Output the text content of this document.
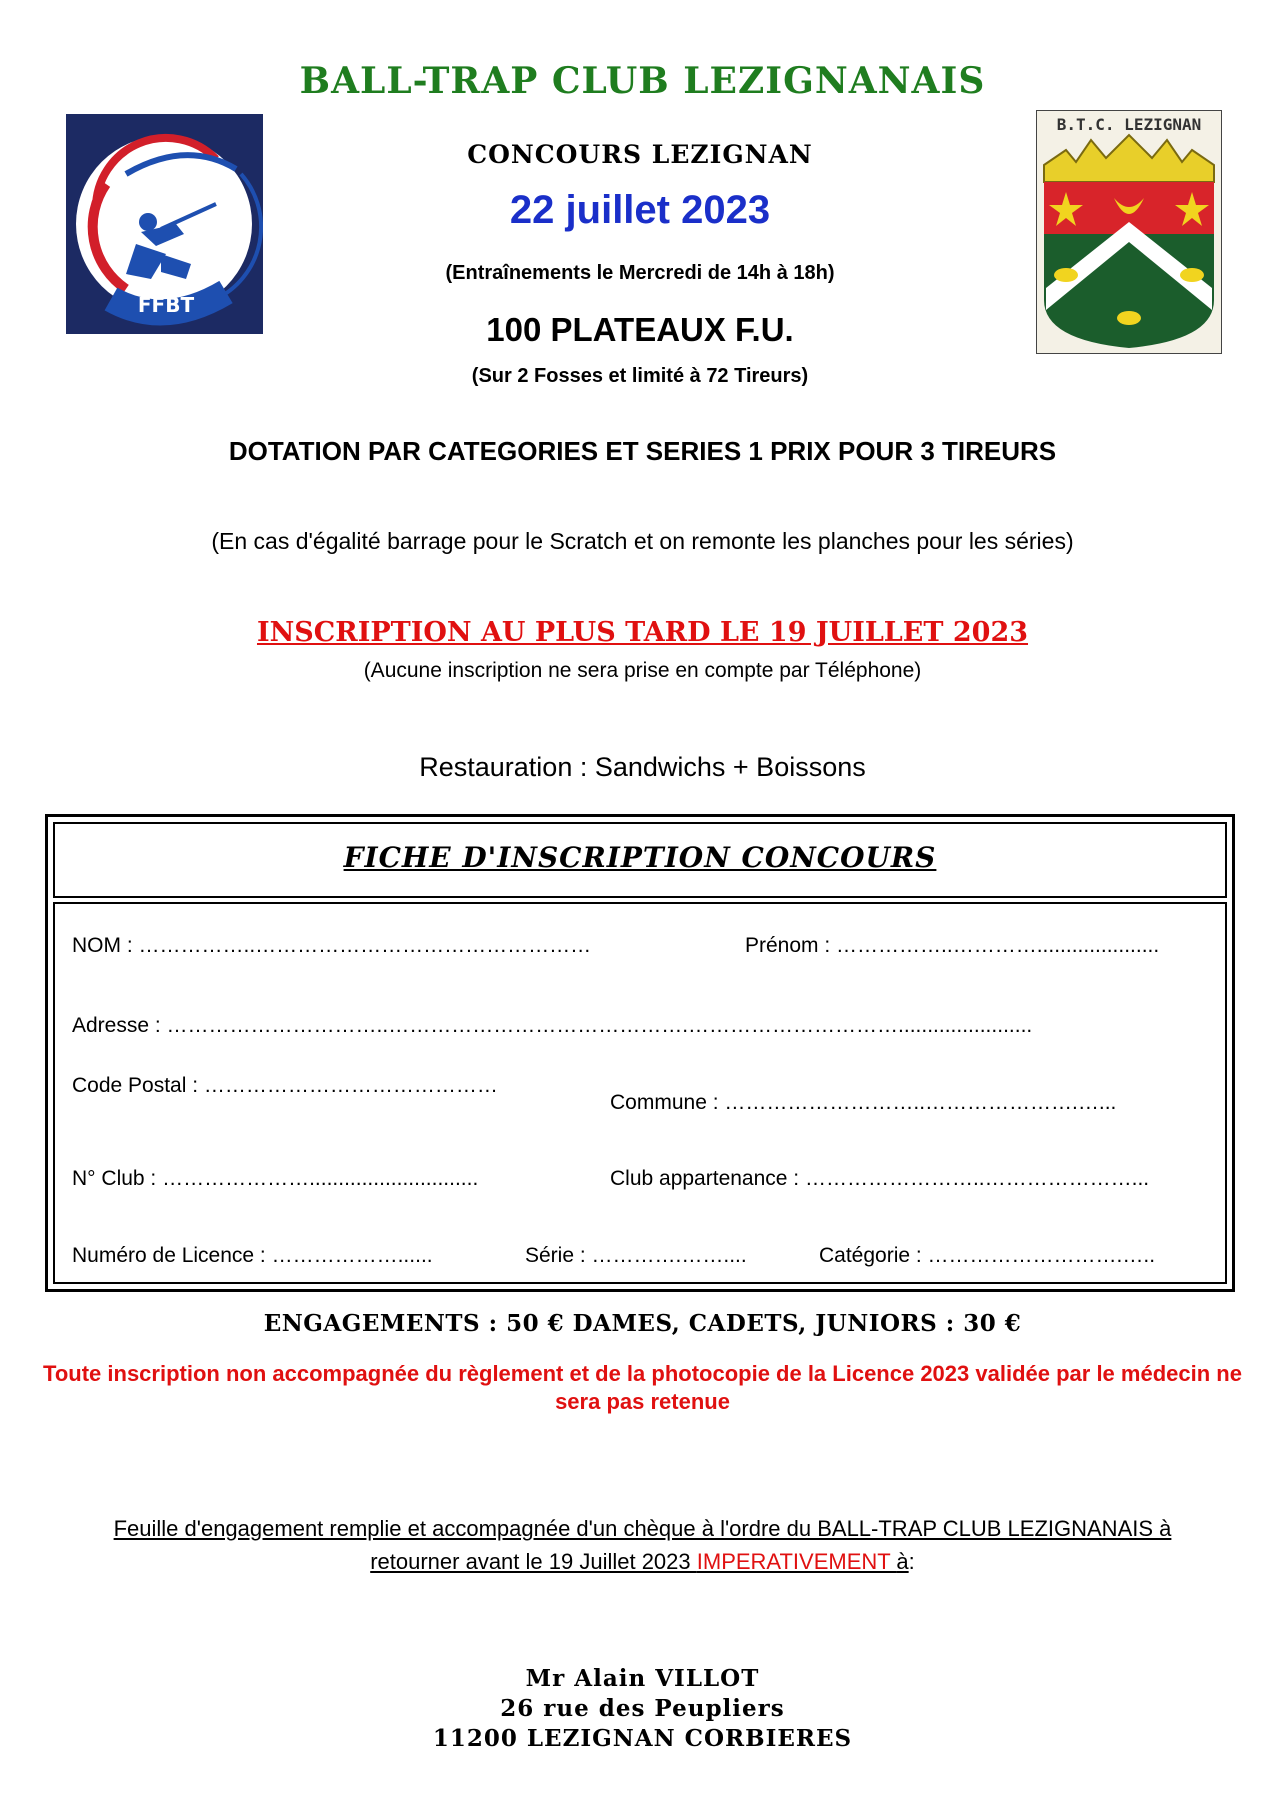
BALL-TRAP CLUB LEZIGNANAIS
FFBT
B.T.C. LEZIGNAN
CONCOURS LEZIGNAN
22 juillet 2023
(Entraînements le Mercredi de 14h à 18h)
100 PLATEAUX F.U.
(Sur 2 Fosses et limité à 72 Tireurs)
DOTATION PAR CATEGORIES ET SERIES 1 PRIX POUR 3 TIREURS
(En cas d'égalité barrage pour le Scratch et on remonte les planches pour les séries)
INSCRIPTION AU PLUS TARD LE 19 JUILLET 2023
(Aucune inscription ne sera prise en compte par Téléphone)
Restauration : Sandwichs + Boissons
FICHE D'INSCRIPTION CONCOURS
NOM : ……………..…………………………………………	Prénom : ……………..………….....................
Adresse : …………………………..…………………………………….………………………….......................
Code Postal : ……………………………………
Commune : ………………………..………………….…...
N° Club : ………………….............................	Club appartenance : ……………………..…………………...
Numéro de Licence : ………………......	Série : ………….……....	Catégorie : ……………………….…..
ENGAGEMENTS : 50 € DAMES, CADETS, JUNIORS : 30 €
Toute inscription non accompagnée du règlement et de la photocopie de la Licence 2023 validée par le médecin ne sera pas retenue
Feuille d'engagement remplie et accompagnée d'un chèque à l'ordre du BALL-TRAP CLUB LEZIGNANAIS à
retourner avant le 19 Juillet 2023 IMPERATIVEMENT à:
Mr Alain VILLOT
26 rue des Peupliers
11200 LEZIGNAN CORBIERES
